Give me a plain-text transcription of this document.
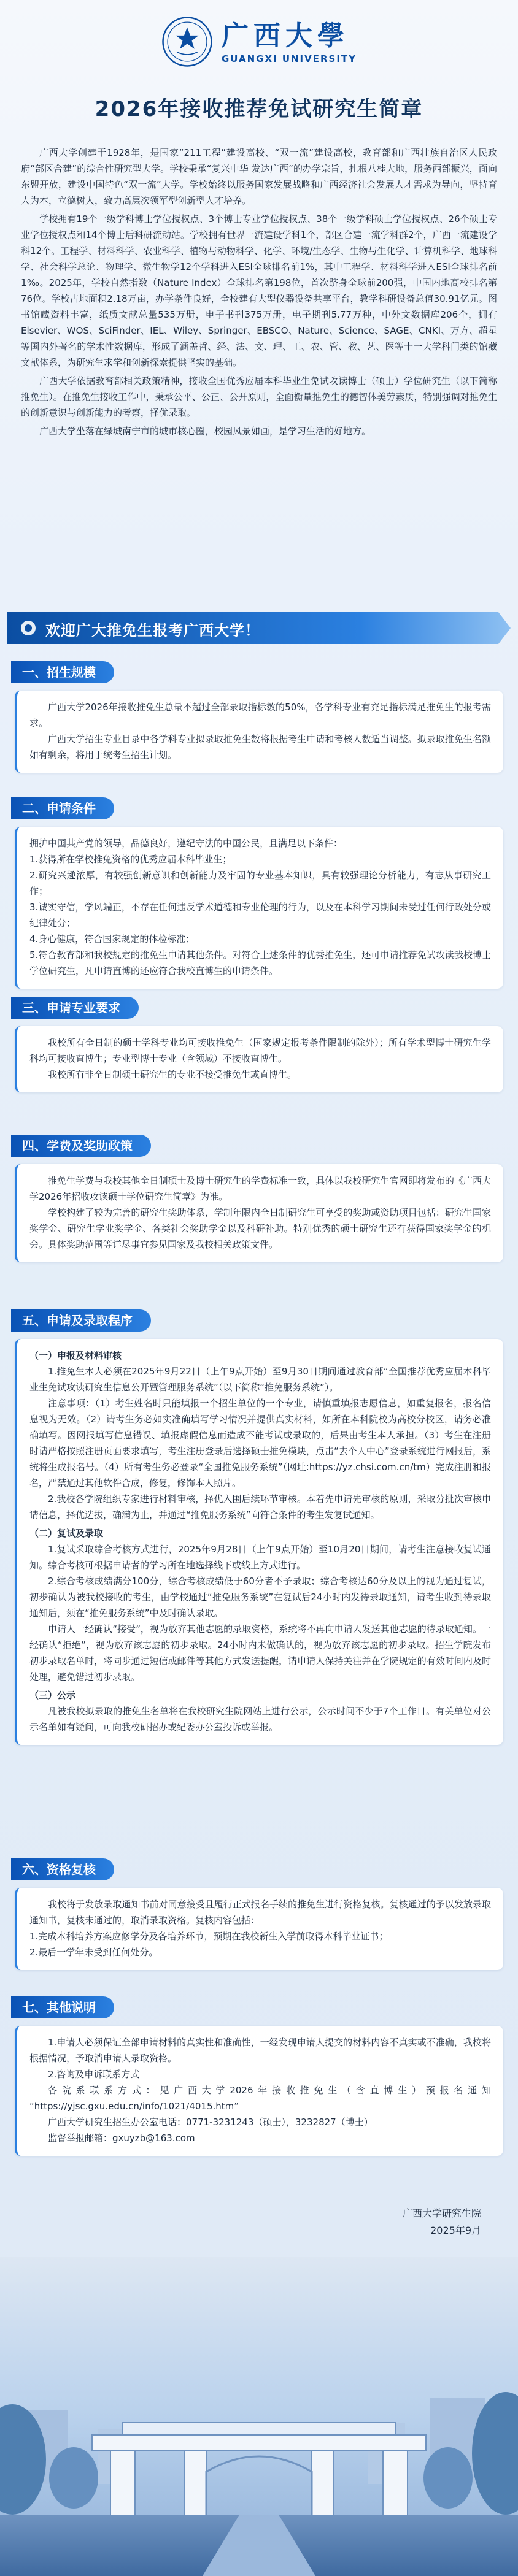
广西大學
GUANGXI UNIVERSITY
2026年接收推荐免试研究生简章

广西大学创建于1928年，是国家“211工程”建设高校、“双一流”建设高校，教育部和广西壮族自治区人民政府“部区合建”的综合性研究型大学。学校秉承“复兴中华 发达广西”的办学宗旨，扎根八桂大地，服务西部振兴，面向东盟开放，建设中国特色“双一流”大学。学校始终以服务国家发展战略和广西经济社会发展人才需求为导向，坚持育人为本，立德树人，致力高层次领军型创新型人才培养。

学校拥有19个一级学科博士学位授权点、3个博士专业学位授权点、38个一级学科硕士学位授权点、26个硕士专业学位授权点和14个博士后科研流动站。学校拥有世界一流建设学科1个，部区合建一流学科群2个，广西一流建设学科12个。工程学、材料科学、农业科学、植物与动物科学、化学、环境/生态学、生物与生化学、计算机科学、地球科学、社会科学总论、物理学、微生物学12个学科进入ESI全球排名前1%，其中工程学、材料科学进入ESI全球排名前1‰。2025年，学校自然指数（Nature Index）全球排名第198位，首次跻身全球前200强，中国内地高校排名第76位。学校占地面积2.18万亩，办学条件良好，全校建有大型仪器设备共享平台，教学科研设备总值30.91亿元。图书馆藏资料丰富，纸质文献总量535万册，电子书刊375万册，电子期刊5.77万种，中外文数据库206个，拥有Elsevier、WOS、SciFinder、IEL、Wiley、Springer、EBSCO、Nature、Science、SAGE、CNKI、万方、超星等国内外著名的学术性数据库，形成了涵盖哲、经、法、文、理、工、农、管、教、艺、医等十一大学科门类的馆藏文献体系，为研究生求学和创新探索提供坚实的基础。

广西大学依据教育部相关政策精神，接收全国优秀应届本科毕业生免试攻读博士（硕士）学位研究生（以下简称推免生）。在推免生接收工作中，秉承公平、公正、公开原则，全面衡量推免生的德智体美劳素质，特别强调对推免生的创新意识与创新能力的考察，择优录取。

广西大学坐落在绿城南宁市的城市核心圈，校园风景如画，是学习生活的好地方。

欢迎广大推免生报考广西大学！
一、招生规模

广西大学2026年接收推免生总量不超过全部录取指标数的50%，各学科专业有充足指标满足推免生的报考需求。

广西大学招生专业目录中各学科专业拟录取推免生数将根据考生申请和考核人数适当调整。拟录取推免生名额如有剩余，将用于统考生招生计划。

二、申请条件

拥护中国共产党的领导，品德良好，遵纪守法的中国公民，且满足以下条件：

1.获得所在学校推免资格的优秀应届本科毕业生；

2.研究兴趣浓厚，有较强创新意识和创新能力及牢固的专业基本知识，具有较强理论分析能力，有志从事研究工作；

3.诚实守信，学风端正，不存在任何违反学术道德和专业伦理的行为，以及在本科学习期间未受过任何行政处分或纪律处分；

4.身心健康，符合国家规定的体检标准；

5.符合教育部和我校规定的推免生申请其他条件。对符合上述条件的优秀推免生，还可申请推荐免试攻读我校博士学位研究生，凡申请直博的还应符合我校直博生的申请条件。

三、申请专业要求

我校所有全日制的硕士学科专业均可接收推免生（国家规定报考条件限制的除外）；所有学术型博士研究生学科均可接收直博生；专业型博士专业（含领域）不接收直博生。

我校所有非全日制硕士研究生的专业不接受推免生或直博生。

四、学费及奖助政策

推免生学费与我校其他全日制硕士及博士研究生的学费标准一致，具体以我校研究生官网即将发布的《广西大学2026年招收攻读硕士学位研究生简章》为准。

学校构建了较为完善的研究生奖助体系，学制年限内全日制研究生可享受的奖助或资助项目包括：研究生国家奖学金、研究生学业奖学金、各类社会奖助学金以及科研补助。特别优秀的硕士研究生还有获得国家奖学金的机会。具体奖助范围等详尽事宜参见国家及我校相关政策文件。

五、申请及录取程序

（一）申报及材料审核

1.推免生本人必须在2025年9月22日（上午9点开始）至9月30日期间通过教育部“全国推荐优秀应届本科毕业生免试攻读研究生信息公开暨管理服务系统”（以下简称“推免服务系统”）。

注意事项：（1）考生姓名时只能填报一个招生单位的一个专业，请慎重填报志愿信息，如重复报名，报名信息视为无效。（2）请考生务必如实准确填写学习情况并提供真实材料，如所在本科院校为高校分校区，请务必准确填写。因网报填写信息错误、填报虚假信息而造成不能考试或录取的，后果由考生本人承担。（3）考生在注册时请严格按照注册页面要求填写，考生注册登录后选择硕士推免模块，点击“去个人中心”登录系统进行网报后，系统将生成报名号。（4）所有考生务必登录“全国推免服务系统”（网址:https://yz.chsi.com.cn/tm）完成注册和报名，严禁通过其他软件合成，修复，修饰本人照片。

2.我校各学院组织专家进行材料审核，择优入围后续环节审核。本着先申请先审核的原则，采取分批次审核申请信息，择优选拔，确满为止，并通过“推免服务系统”向符合条件的考生发复试通知。

（二）复试及录取

1.复试采取综合考核方式进行，2025年9月28日（上午9点开始）至10月20日期间，请考生注意接收复试通知。综合考核可根据申请者的学习所在地选择线下或线上方式进行。

2.综合考核成绩满分100分，综合考核成绩低于60分者不予录取；综合考核达60分及以上的视为通过复试，初步确认为被我校接收的考生，由学校通过“推免服务系统”在复试后24小时内发待录取通知，请考生收到待录取通知后，须在“推免服务系统”中及时确认录取。

申请人一经确认“接受”，视为放弃其他志愿的录取资格，系统将不再向申请人发送其他志愿的待录取通知。一经确认“拒绝”，视为放弃该志愿的初步录取。24小时内未做确认的，视为放弃该志愿的初步录取。招生学院发布初步录取名单时，将同步通过短信或邮件等其他方式发送提醒，请申请人保持关注并在学院规定的有效时间内及时处理，避免错过初步录取。

（三）公示

凡被我校拟录取的推免生名单将在我校研究生院网站上进行公示，公示时间不少于7个工作日。有关单位对公示名单如有疑问，可向我校研招办或纪委办公室投诉或举报。

六、资格复核

我校将于发放录取通知书前对同意接受且履行正式报名手续的推免生进行资格复核。复核通过的予以发放录取通知书，复核未通过的，取消录取资格。复核内容包括：

1.完成本科培养方案应修学分及各培养环节，预期在我校新生入学前取得本科毕业证书；

2.最后一学年未受到任何处分。

七、其他说明

1.申请人必须保证全部申请材料的真实性和准确性，一经发现申请人提交的材料内容不真实或不准确，我校将根据情况，予取消申请人录取资格。

2.咨询及申诉联系方式

各院系联系方式：见广西大学2026年接收推免生（含直博生）预报名通知 “https://yjsc.gxu.edu.cn/info/1021/4015.htm”

广西大学研究生招生办公室电话：0771-3231243（硕士），3232827（博士）

监督举报邮箱：gxuyzb@163.com

广西大学研究生院
2025年9月
